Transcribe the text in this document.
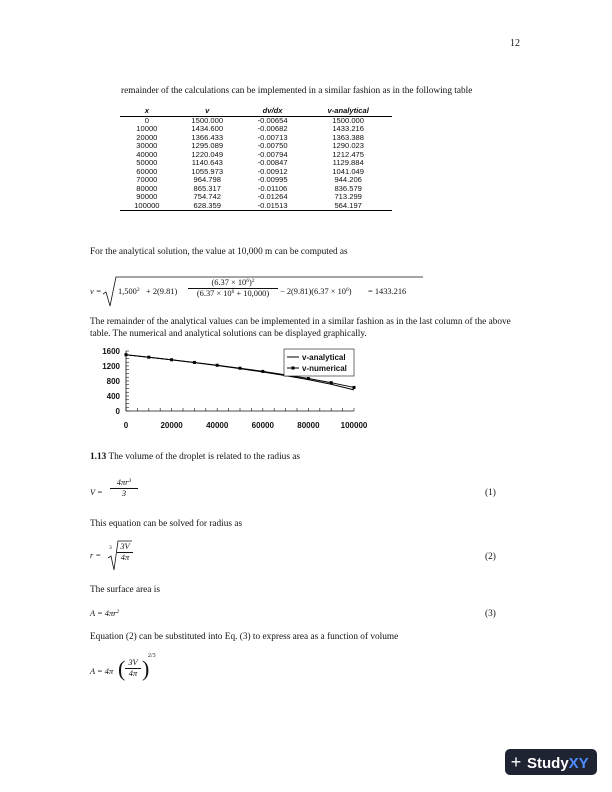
12
remainder of the calculations can be implemented in a similar fashion as in the following table
x	v	dv/dx	v-analytical
0	1500.000	-0.00654	1500.000
10000	1434.600	-0.00682	1433.216
20000	1366.433	-0.00713	1363.388
30000	1295.089	-0.00750	1290.023
40000	1220.049	-0.00794	1212.475
50000	1140.643	-0.00847	1129.884
60000	1055.973	-0.00912	1041.049
70000	964.798	-0.00995	944.206
80000	865.317	-0.01106	836.579
90000	754.742	-0.01264	713.299
100000	628.359	-0.01513	564.197
For the analytical solution, the value at 10,000 m can be computed as
$v = 1,500^2 + 2(9.81) \frac{(6.37 \times 10^6)^2}{(6.37 \times 10^6 + 10,000)} - 2(9.81)(6.37 \times 10^6) = 1433.216$
The remainder of the analytical values can be implemented in a similar fashion as in the last column of the above table. The numerical and analytical solutions can be displayed graphically.
0
400
800
1200
1600
0	20000	40000	60000	80000	100000
v-analytical
v-numerical
1.13 The volume of the droplet is related to the radius as
$V = \frac{4\pi r^3}{3}$	(1)
This equation can be solved for radius as
r =
$3 \frac{3V}{4\pi}$	(2)
The surface area is
$A = 4\pi r^2$	(3)
Equation (2) can be substituted into Eq. (3) to express area as a function of volume
A = 4π ( $\frac{3V}{4\pi}$ )
2/3
+ StudyXY
